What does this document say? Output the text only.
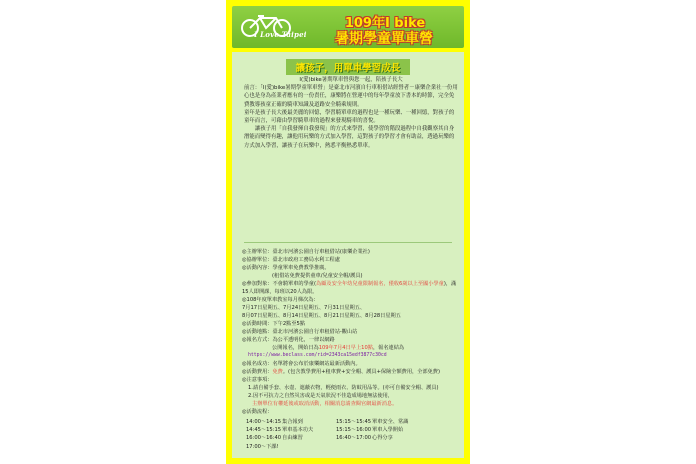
I Love Taipei
109年I bike
暑期學童單車營
讓孩子，用單車學習成長

I(愛)bike暑期單車營與您一起，陪孩子長大

前言：「I(愛)bike暑期學童單車營」是臺北市河濱自行車租借站經營者－康樂企業社一份用心也是身為產業者應有的一份責任，康樂將在營運中的每年學童放下書本的時節，完全免費教導孩童正確的騎車知識及道路安全騎乘規則。

童年是孩子長大後最美麗的回憶，學習騎單車的過程也是一種玩樂、一種回憶，對孩子的童年而言，可藉由學習騎單車的過程來發現騎車的喜悅。

讓孩子用「自我發揮自我發現」的方式來學習，使學習的階段過程中自我觀察其自身潛能而變得有趣，讓他用玩樂的方式加入學習，這對孩子的學習才會有助益，透過玩樂的方式加入學習，讓孩子在玩樂中，熱悉平衡熱悉單車。

◎主辦單位：臺北市河濱公園自行車租借站(康樂企業社)

◎協辦單位：臺北市政府工務局水利工程處

◎活動內容：學童單車免費教學推廣。

(租借站免費提供童車/兒童安全帽/護具)

◎參加對象：不會騎單車的學童(為顧及安全年幼兒童限制報名，僅收6歲以上至國小學童)，滿15人即開課，每班以20人為限。

◎108年度單車教室每月梯次為：

7月17日星期五、7月24日星期五、7月31日星期五、

8月07日星期五、8月14日星期五、8月21日星期五、8月28日星期五

◎活動時間：下午2點至5點

◎活動地點：臺北市河濱公園自行車租借站-觀山站

◎報名方式：為公平透明化，一律以網路

公開報名，開始日為109年7月4日早上10點，報名連結為

https://www.beclass.com/rid=2343ca15edf3877c30cd

◎報名成功：名單將會公布於康樂網站最新活動內。

◎活動費用：免費。(包含教學費用+租車費+安全帽、護具+保險全額費用，全部免費)

◎注意事項：

1.請自備手套、水壺、遮蔽衣物，輕便雨衣、防蚊用品等。(亦可自備安全帽、護具)

2.因不可抗力之自然災害或是天氣狀況不佳造成場地無法使用，

主辦單位有權延後或取消活動，相關消息請查閱官網最新消息。

◎活動流程：

14:00～14:15 集合報到	15:15～15:45 單車安全、常識
14:45～15:15 單車基本功夫	15:15～16:00 單車入學開始
16:00～16:40 自由練習	16:40～17:00 心得分享
17:00～下課!
